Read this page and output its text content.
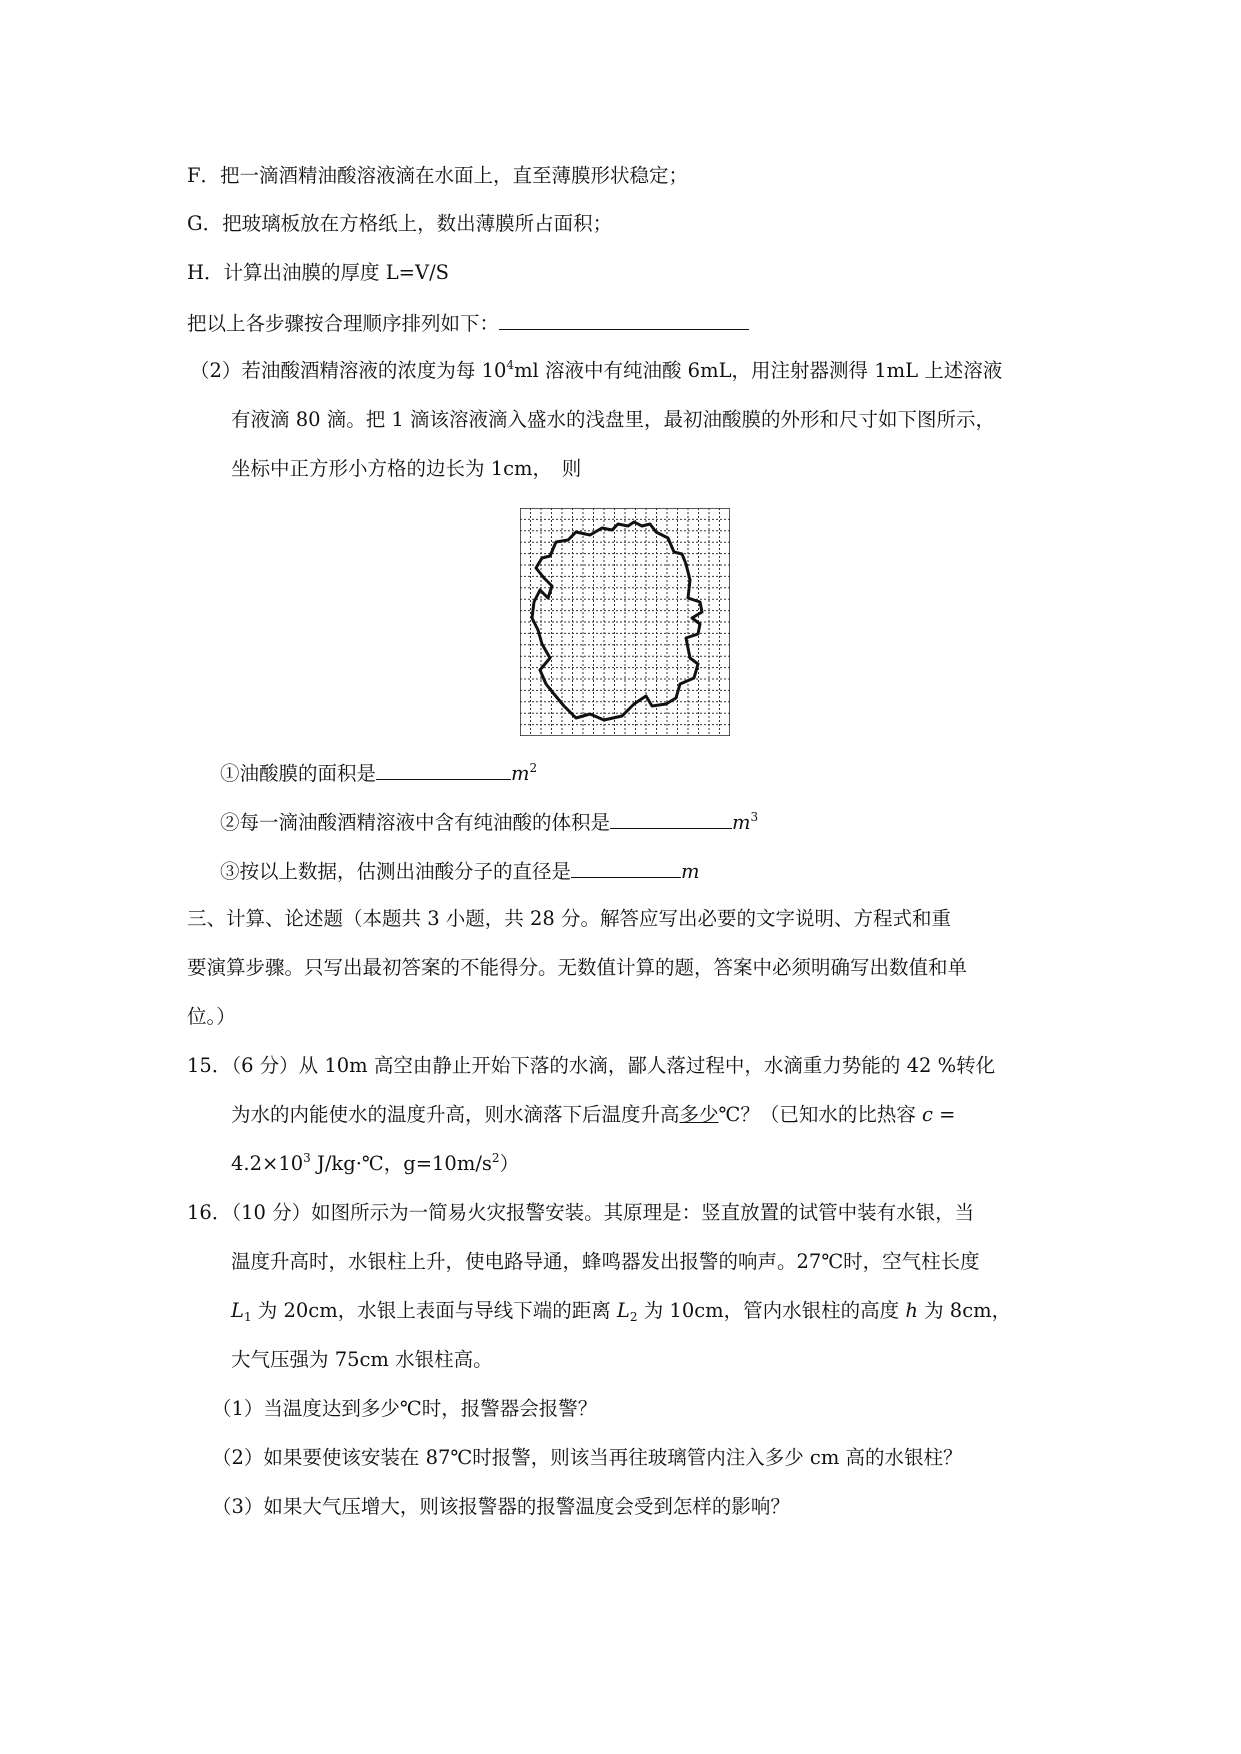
F．把一滴酒精油酸溶液滴在水面上，直至薄膜形状稳定；
G．把玻璃板放在方格纸上，数出薄膜所占面积；
H．计算出油膜的厚度 L=V/S
把以上各步骤按合理顺序排列如下：
（2）若油酸酒精溶液的浓度为每 $10^4ml$ 溶液中有纯油酸 6mL，用注射器测得 1mL 上述溶液
有液滴 80 滴。把 1 滴该溶液滴入盛水的浅盘里，最初油酸膜的外形和尺寸如下图所示，
坐标中正方形小方格的边长为 1cm，　则
①油酸膜的面积是	$m^2$
②每一滴油酸酒精溶液中含有纯油酸的体积是	$m^3$
③按以上数据，估测出油酸分子的直径是	m
三、计算、论述题（本题共 3 小题，共 28 分。解答应写出必要的文字说明、方程式和重
要演算步骤。只写出最初答案的不能得分。无数值计算的题，答案中必须明确写出数值和单
位。）
15．（6 分）从 10m 高空由静止开始下落的水滴，鄙人落过程中，水滴重力势能的 42 %转化
为水的内能使水的温度升高，则水滴落下后温度升高多少℃？（已知水的比热容 c =
$4.2\times 10^3$ J/kg·℃，$g=10m/s^2$）
16．（10 分）如图所示为一简易火灾报警安装。其原理是：竖直放置的试管中装有水银，当
温度升高时，水银柱上升，使电路导通，蜂鸣器发出报警的响声。27℃时，空气柱长度
$L_1$ 为 20cm，水银上表面与导线下端的距离 $L_2$ 为 10cm，管内水银柱的高度 h 为 8cm，
大气压强为 75cm 水银柱高。
（1）当温度达到多少℃时，报警器会报警？
（2）如果要使该安装在 87℃时报警，则该当再往玻璃管内注入多少 cm 高的水银柱？
（3）如果大气压增大，则该报警器的报警温度会受到怎样的影响？
